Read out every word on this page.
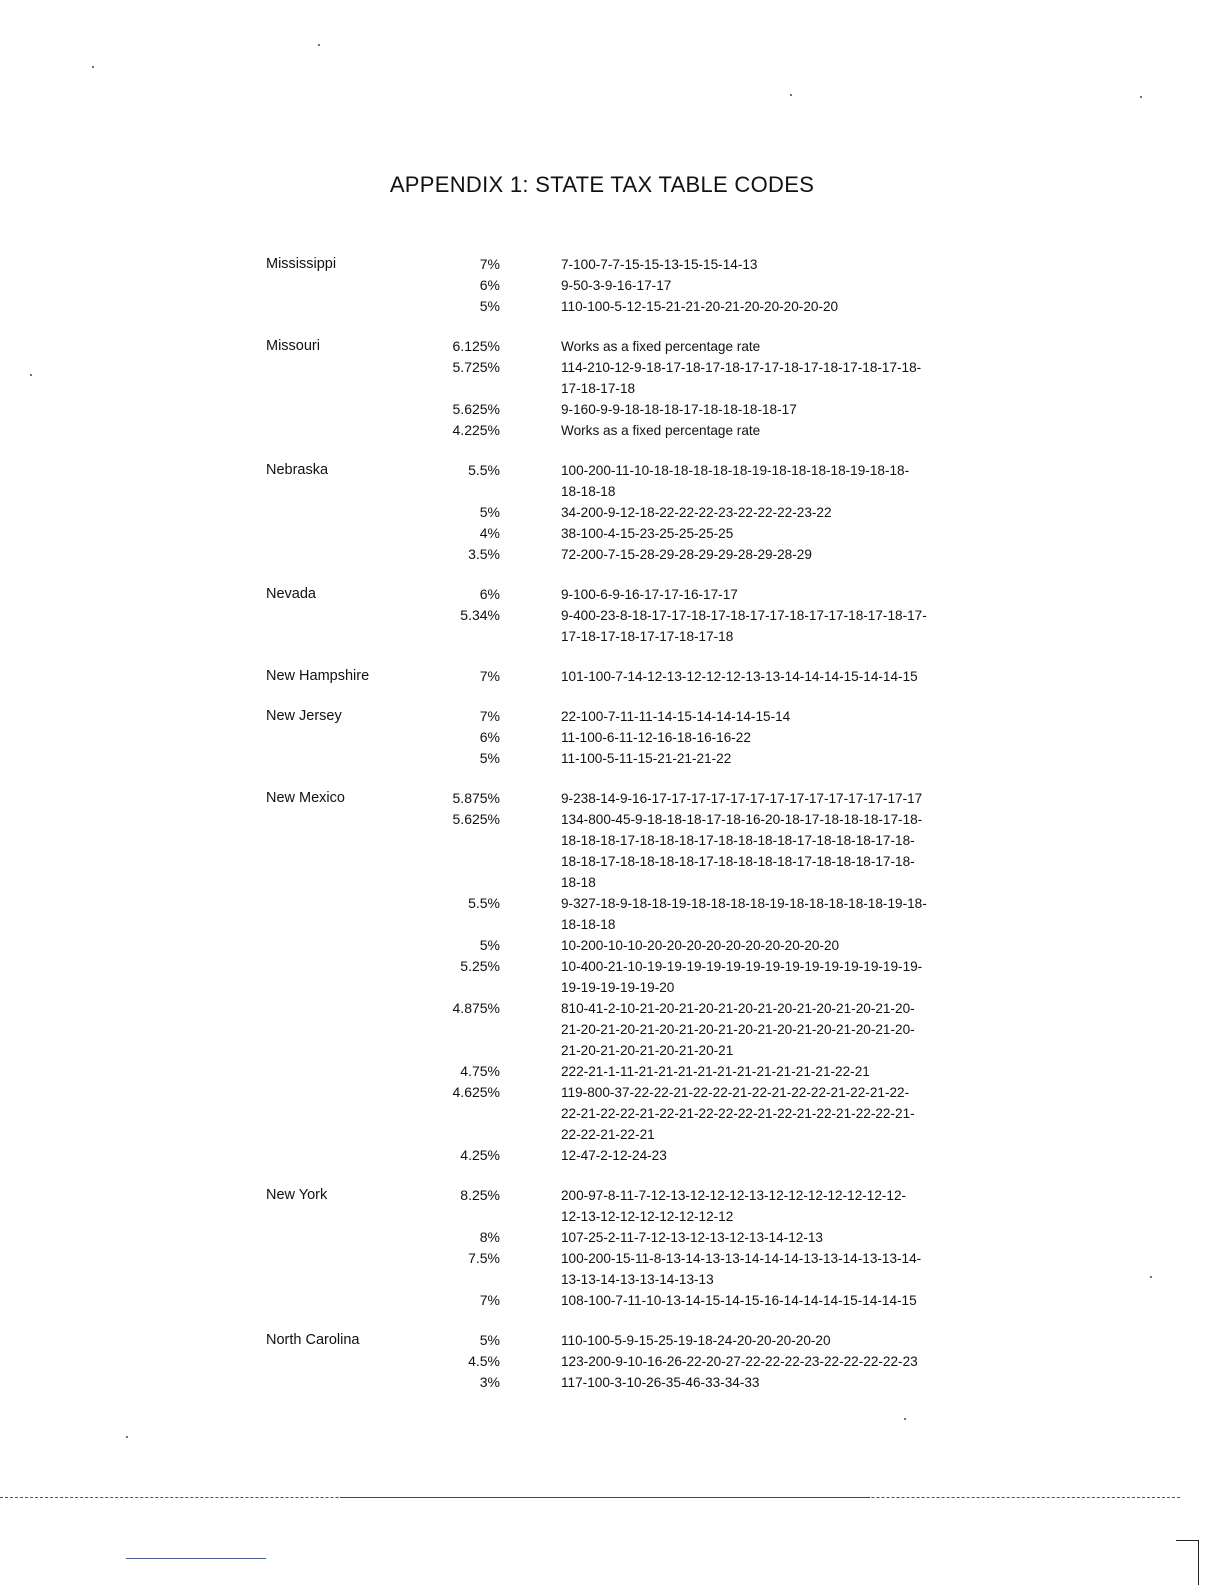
APPENDIX 1: STATE TAX TABLE CODES
Mississippi	7%	7-100-7-7-15-15-13-15-15-14-13
6%	9-50-3-9-16-17-17
5%	110-100-5-12-15-21-21-20-21-20-20-20-20-20
Missouri	6.125%	Works as a fixed percentage rate
5.725%	114-210-12-9-18-17-18-17-18-17-17-18-17-18-17-18-17-18-
17-18-17-18
5.625%	9-160-9-9-18-18-18-17-18-18-18-18-17
4.225%	Works as a fixed percentage rate
Nebraska	5.5%	100-200-11-10-18-18-18-18-18-19-18-18-18-18-19-18-18-
18-18-18
5%	34-200-9-12-18-22-22-22-23-22-22-22-23-22
4%	38-100-4-15-23-25-25-25-25
3.5%	72-200-7-15-28-29-28-29-29-28-29-28-29
Nevada	6%	9-100-6-9-16-17-17-16-17-17
5.34%	9-400-23-8-18-17-17-18-17-18-17-17-18-17-17-18-17-18-17-
17-18-17-18-17-17-18-17-18
New Hampshire	7%	101-100-7-14-12-13-12-12-12-13-13-14-14-14-15-14-14-15
New Jersey	7%	22-100-7-11-11-14-15-14-14-14-15-14
6%	11-100-6-11-12-16-18-16-16-22
5%	11-100-5-11-15-21-21-21-22
New Mexico	5.875%	9-238-14-9-16-17-17-17-17-17-17-17-17-17-17-17-17-17-17
5.625%	134-800-45-9-18-18-18-17-18-16-20-18-17-18-18-18-17-18-
18-18-18-17-18-18-18-17-18-18-18-18-17-18-18-18-17-18-
18-18-17-18-18-18-18-17-18-18-18-18-17-18-18-18-17-18-
18-18
5.5%	9-327-18-9-18-18-19-18-18-18-18-19-18-18-18-18-18-19-18-
18-18-18
5%	10-200-10-10-20-20-20-20-20-20-20-20-20-20
5.25%	10-400-21-10-19-19-19-19-19-19-19-19-19-19-19-19-19-19-
19-19-19-19-19-20
4.875%	810-41-2-10-21-20-21-20-21-20-21-20-21-20-21-20-21-20-
21-20-21-20-21-20-21-20-21-20-21-20-21-20-21-20-21-20-
21-20-21-20-21-20-21-20-21
4.75%	222-21-1-11-21-21-21-21-21-21-21-21-21-21-22-21
4.625%	119-800-37-22-22-21-22-22-21-22-21-22-22-21-22-21-22-
22-21-22-22-21-22-21-22-22-22-21-22-21-22-21-22-22-21-
22-22-21-22-21
4.25%	12-47-2-12-24-23
New York	8.25%	200-97-8-11-7-12-13-12-12-12-13-12-12-12-12-12-12-12-
12-13-12-12-12-12-12-12-12
8%	107-25-2-11-7-12-13-12-13-12-13-14-12-13
7.5%	100-200-15-11-8-13-14-13-13-14-14-14-13-13-14-13-13-14-
13-13-14-13-13-14-13-13
7%	108-100-7-11-10-13-14-15-14-15-16-14-14-14-15-14-14-15
North Carolina	5%	110-100-5-9-15-25-19-18-24-20-20-20-20-20
4.5%	123-200-9-10-16-26-22-20-27-22-22-22-23-22-22-22-22-23
3%	117-100-3-10-26-35-46-33-34-33
